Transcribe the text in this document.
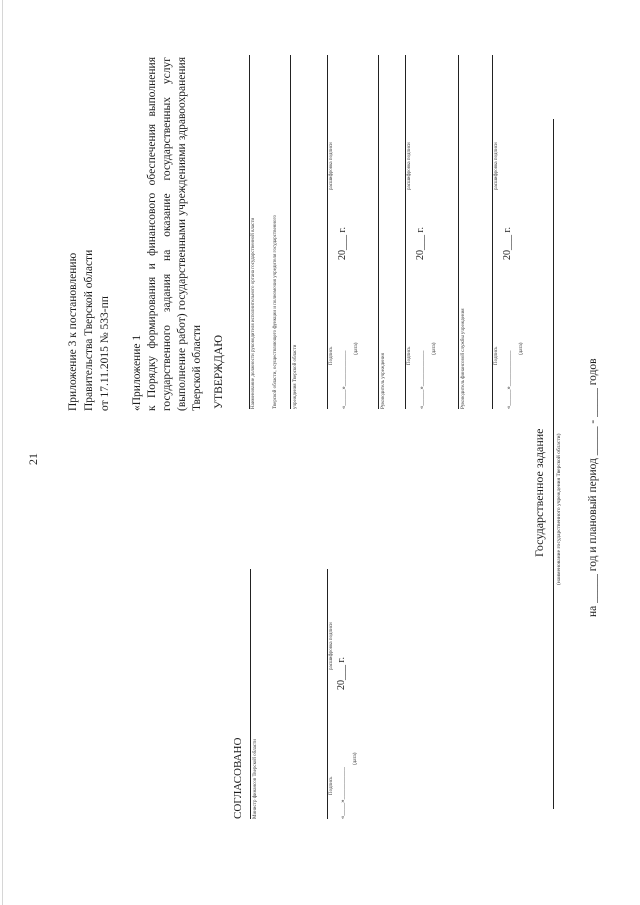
21
Приложение 3 к постановлению Правительства Тверской области от 17.11.2015 № 533-пп «Приложение 1 к Порядку формирования и финансового обеспечения выполнения государственного задания на оказание государственных услуг (выполнение работ) государственными учреждениями здравоохранения Тверской области УТВЕРЖДАЮ	Наименование должности руководителя исполнительного органа государственной власти	Тверской области, осуществляющего функции и полномочия учредителя государственного	учреждения Тверской области	Подпись
расшифровка подписи
«_____»___________
20___ г.
(дата)
Руководитель учреждения	Подпись
расшифровка подписи
«_____»___________
20___ г.
(дата)	Руководитель финансовой службы учреждения	Подпись
расшифровка подписи
«_____»___________
20___ г.
(дата)
СОГЛАСОВАНО	Министр финансов Тверской области	Подпись
расшифровка подписи
«____»__________
20___ г.
(дата)
Государственное задание (наименование государственного учреждения Тверской области)
на _____ год и плановый период _____ - _____ годов
